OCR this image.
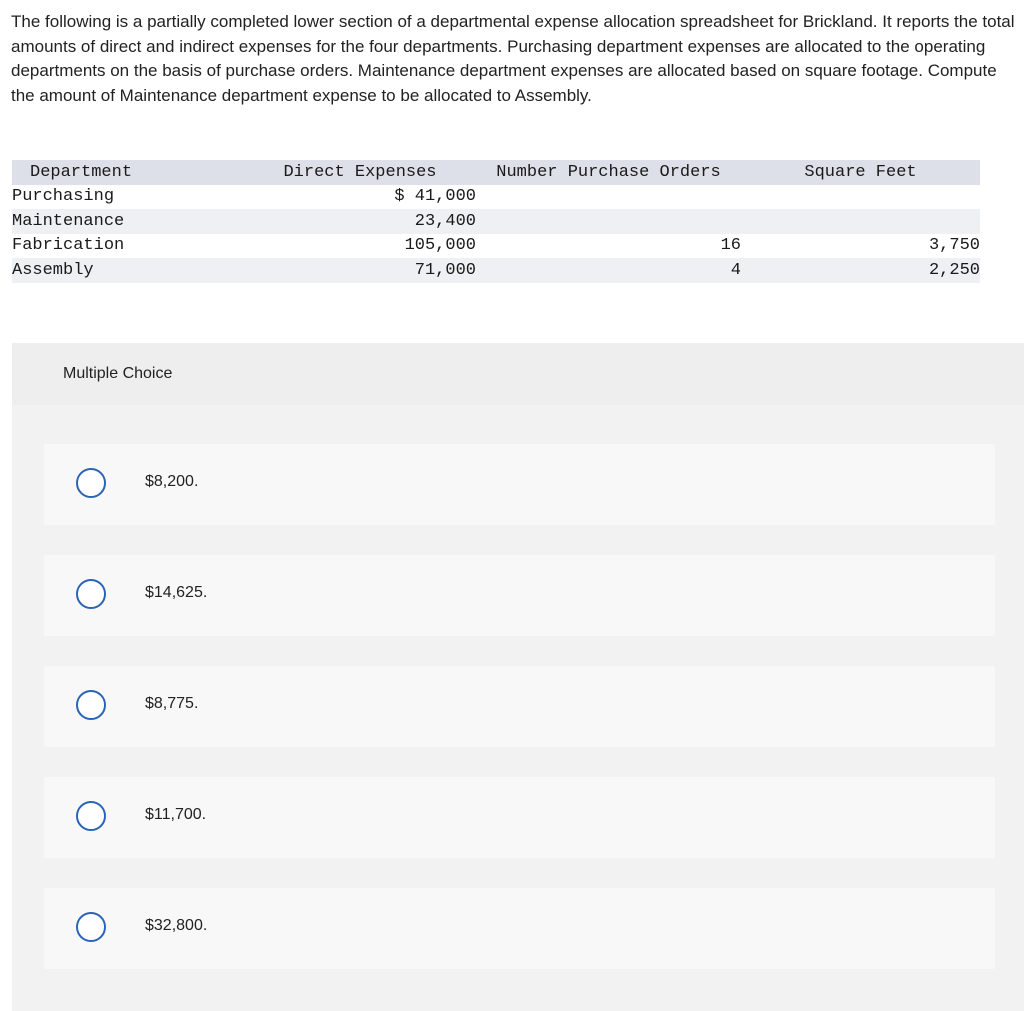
The following is a partially completed lower section of a departmental expense allocation spreadsheet for Brickland. It reports the total amounts of direct and indirect expenses for the four departments. Purchasing department expenses are allocated to the operating departments on the basis of purchase orders. Maintenance department expenses are allocated based on square footage. Compute the amount of Maintenance department expense to be allocated to Assembly.
Department	Direct Expenses	Number Purchase Orders	Square Feet
Purchasing	$ 41,000		
Maintenance	23,400		
Fabrication	105,000	16	3,750
Assembly	71,000	4	2,250
Multiple Choice
$8,200.
$14,625.
$8,775.
$11,700.
$32,800.
